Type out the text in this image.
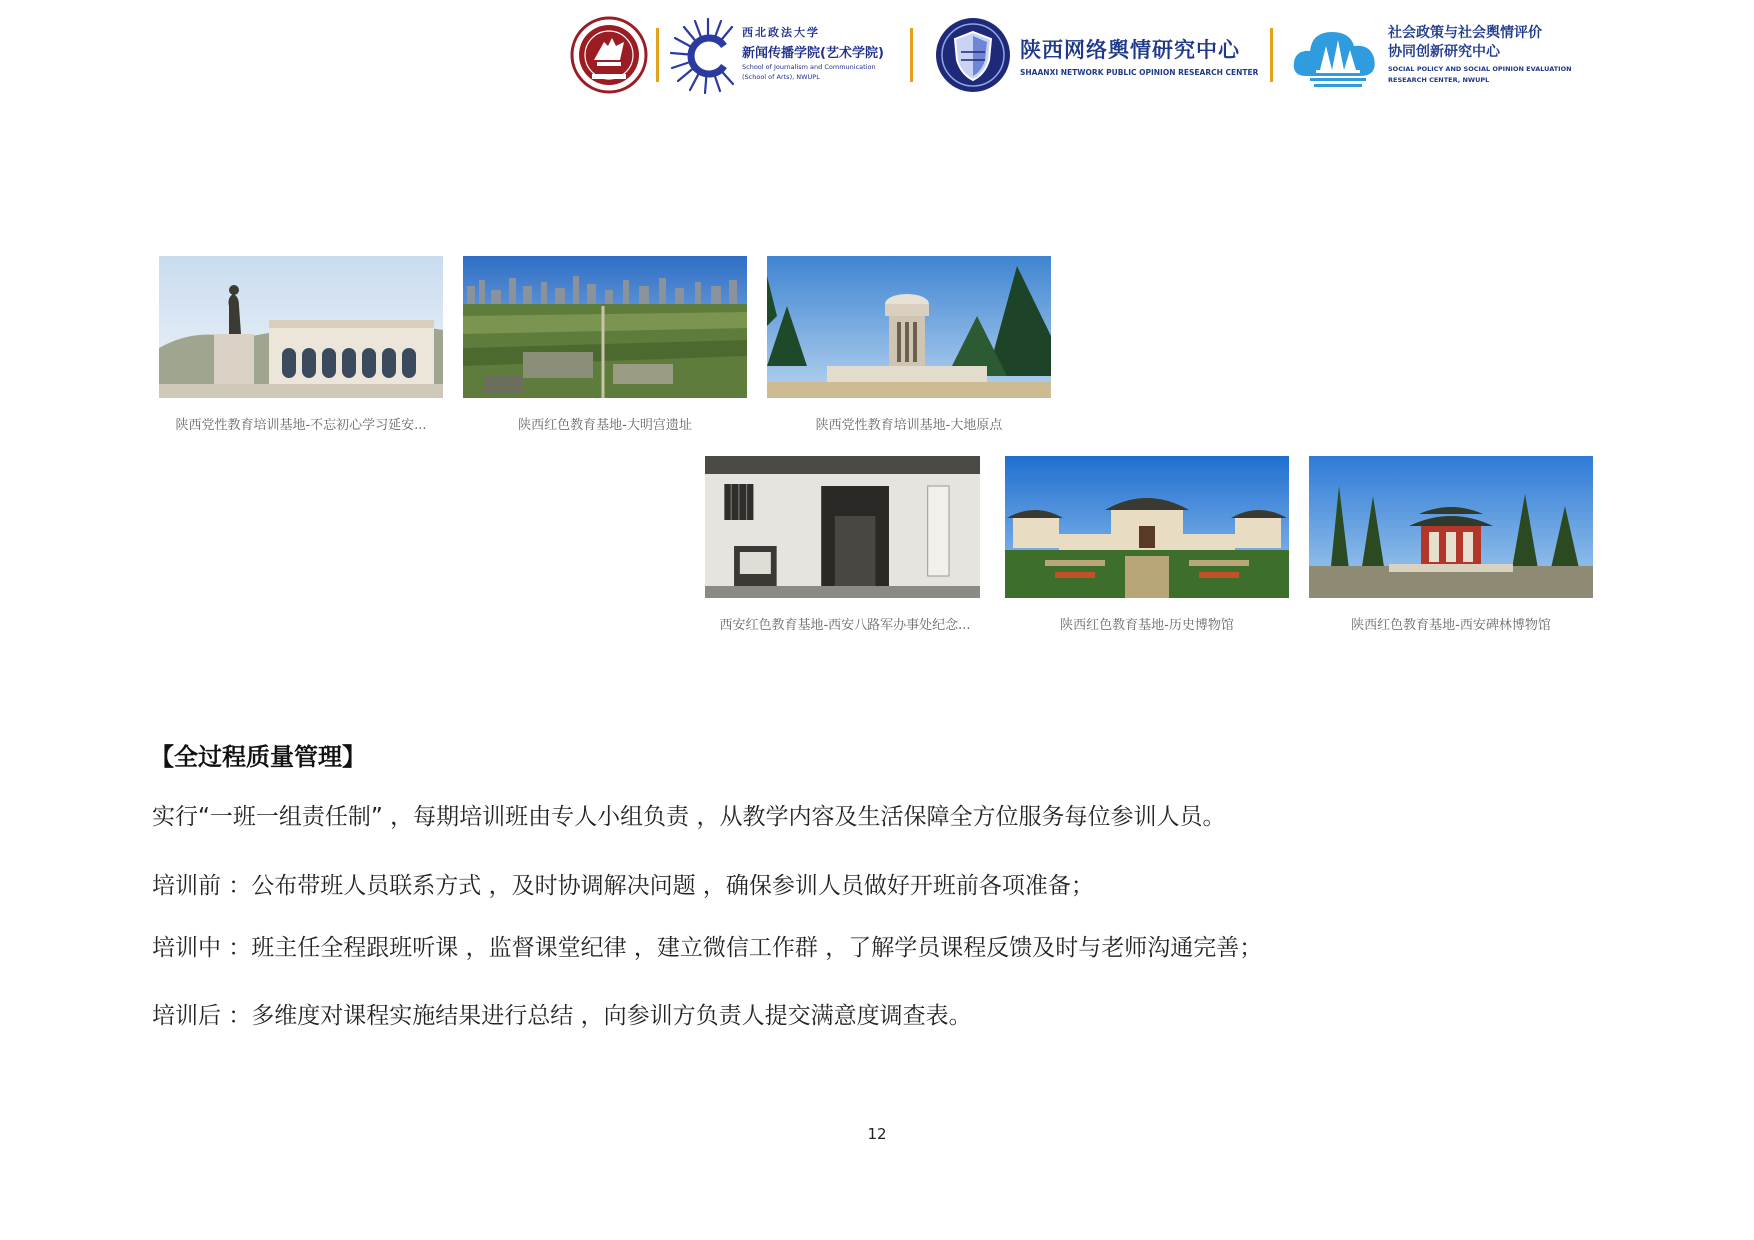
西北政法大学
新闻传播学院(艺术学院)
School of Journalism and Communication
(School of Arts), NWUPL
陕西网络舆情研究中心
SHAANXI NETWORK PUBLIC OPINION RESEARCH CENTER
社会政策与社会舆情评价
协同创新研究中心
SOCIAL POLICY AND SOCIAL OPINION EVALUATION
RESEARCH CENTER, NWUPL
陕西党性教育培训基地-不忘初心学习延安...	陕西红色教育基地-大明宫遗址	陕西党性教育培训基地-大地原点
西安红色教育基地-西安八路军办事处纪念...	陕西红色教育基地-历史博物馆	陕西红色教育基地-西安碑林博物馆
【全过程质量管理】
实行“一班一组责任制” ，每期培训班由专人小组负责 ，从教学内容及生活保障全方位服务每位参训人员。
培训前 ：公布带班人员联系方式 ，及时协调解决问题 ，确保参训人员做好开班前各项准备；
培训中 ：班主任全程跟班听课 ，监督课堂纪律 ，建立微信工作群 ，了解学员课程反馈及时与老师沟通完善；
培训后 ：多维度对课程实施结果进行总结 ，向参训方负责人提交满意度调查表。
12
